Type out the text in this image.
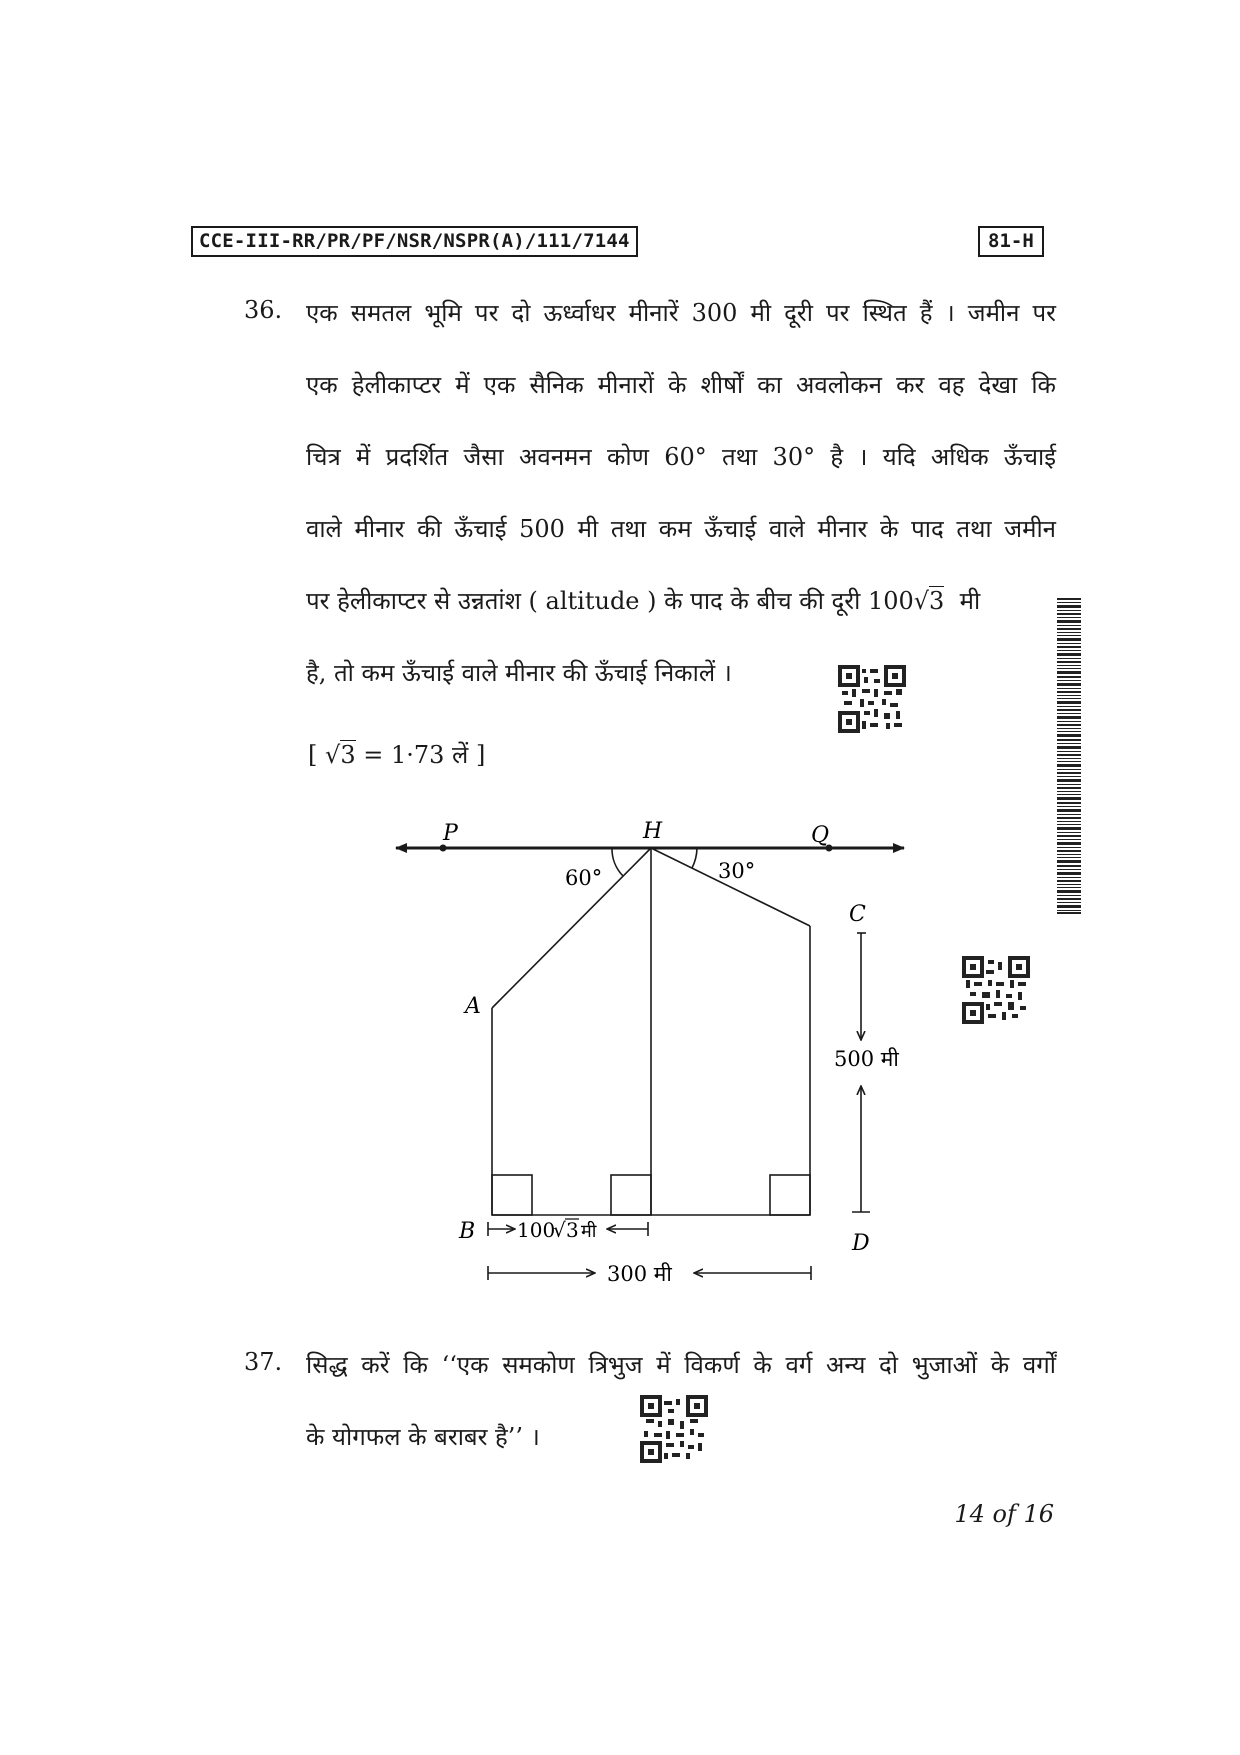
CCE-III-RR/PR/PF/NSR/NSPR(A)/111/7144	81-H
36. एक समतल भूमि पर दो ऊर्ध्वाधर मीनारें 300 मी दूरी पर स्थित हैं । जमीन पर
एक हेलीकाप्टर में एक सैनिक मीनारों के शीर्षों का अवलोकन कर वह देखा कि
चित्र में प्रदर्शित जैसा अवनमन कोण 60° तथा 30° है । यदि अधिक ऊँचाई
वाले मीनार की ऊँचाई 500 मी तथा कम ऊँचाई वाले मीनार के पाद तथा जमीन
पर हेलीकाप्टर से उन्नतांश ( altitude ) के पाद के बीच की दूरी 100√3 मी
है, तो कम ऊँचाई वाले मीनार की ऊँचाई निकालें ।
[ √3 = 1·73 लें ]
P	H	Q
A
B
C
D
60°	30°
500 मी
100
√ 3 मी
300 मी
37. सिद्ध करें कि ‘‘एक समकोण त्रिभुज में विकर्ण के वर्ग अन्य दो भुजाओं के वर्गों
के योगफल के बराबर है’’ ।
14 of 16
